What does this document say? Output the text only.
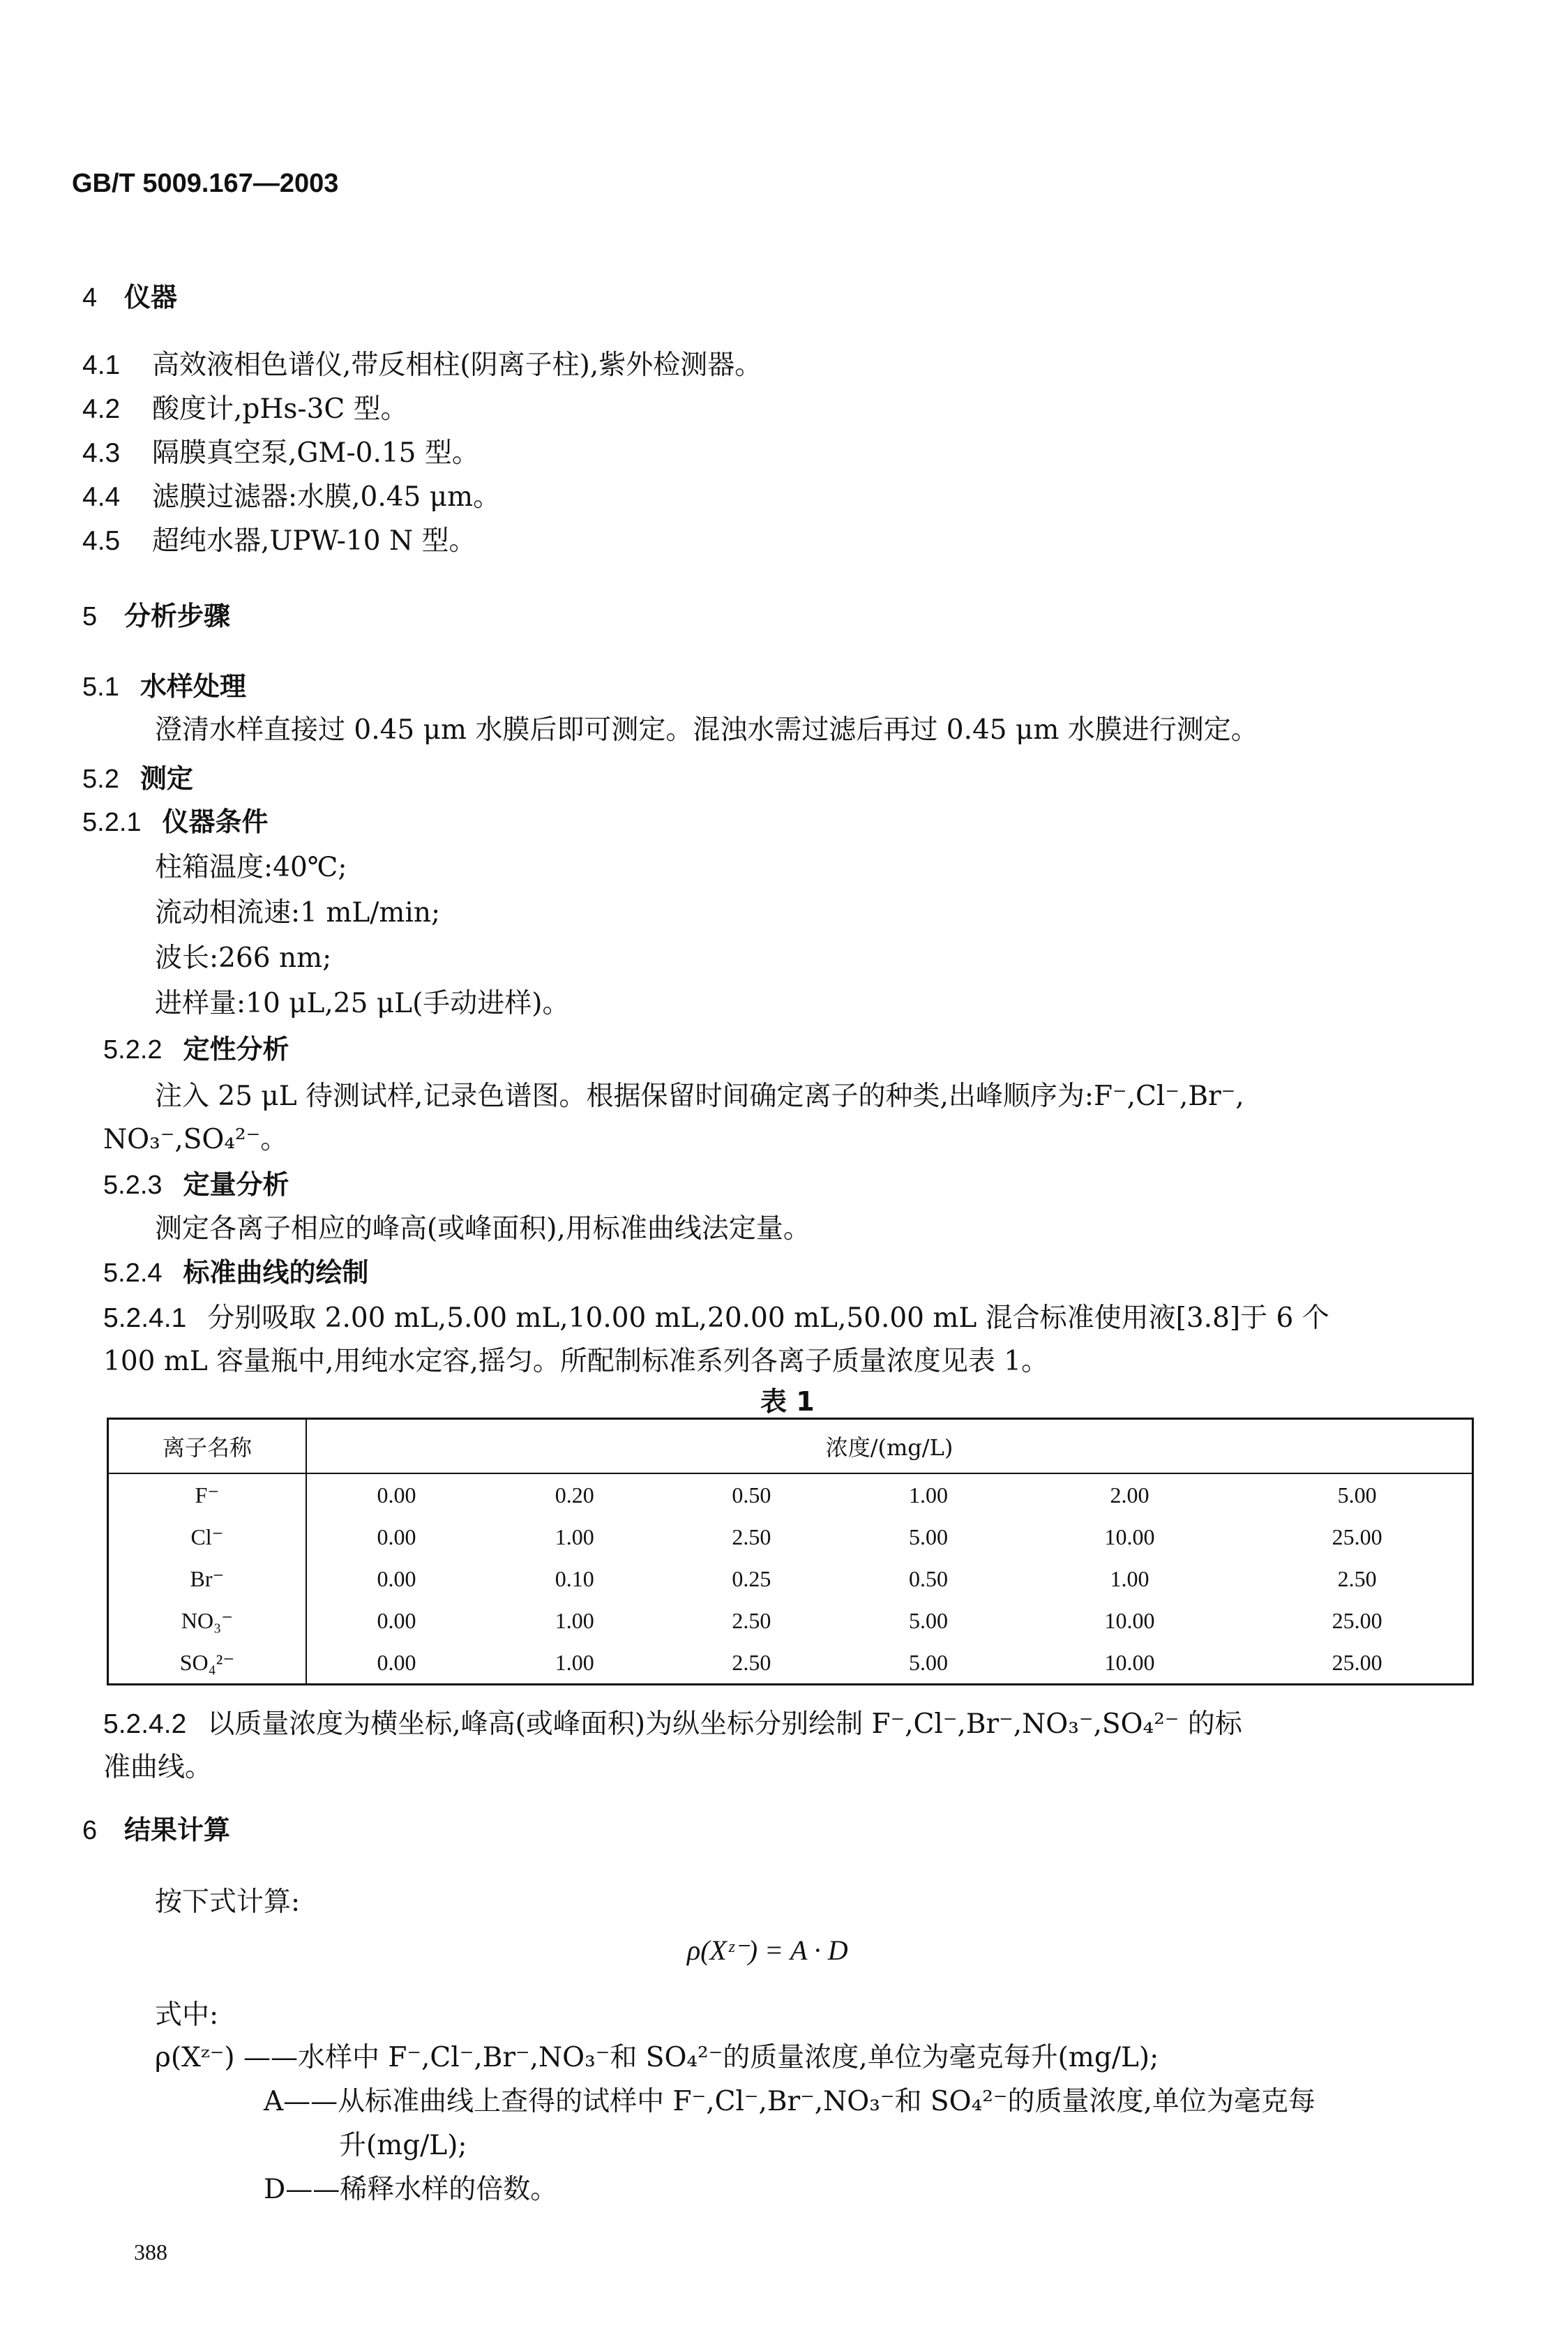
GB/T 5009.167—2003
4 仪器
4.1 高效液相色谱仪,带反相柱(阴离子柱),紫外检测器。
4.2 酸度计,pHs-3C 型。
4.3 隔膜真空泵,GM-0.15 型。
4.4 滤膜过滤器:水膜,0.45 μm。
4.5 超纯水器,UPW-10 N 型。
5 分析步骤
5.1 水样处理
澄清水样直接过 0.45 μm 水膜后即可测定。混浊水需过滤后再过 0.45 μm 水膜进行测定。
5.2 测定
5.2.1 仪器条件
柱箱温度:40℃;
流动相流速:1 mL/min;
波长:266 nm;
进样量:10 μL,25 μL(手动进样)。
5.2.2 定性分析
注入 25 μL 待测试样,记录色谱图。根据保留时间确定离子的种类,出峰顺序为:F⁻,Cl⁻,Br⁻,
NO₃⁻,SO₄²⁻。
5.2.3 定量分析
测定各离子相应的峰高(或峰面积),用标准曲线法定量。
5.2.4 标准曲线的绘制
5.2.4.1 分别吸取 2.00 mL,5.00 mL,10.00 mL,20.00 mL,50.00 mL 混合标准使用液[3.8]于 6 个
100 mL 容量瓶中,用纯水定容,摇匀。所配制标准系列各离子质量浓度见表 1。
表 1
离子名称	浓度/(mg/L)					
F⁻	0.00	0.20	0.50	1.00	2.00	5.00
Cl⁻	0.00	1.00	2.50	5.00	10.00	25.00
Br⁻	0.00	0.10	0.25	0.50	1.00	2.50
NO₃⁻	0.00	1.00	2.50	5.00	10.00	25.00
SO₄²⁻	0.00	1.00	2.50	5.00	10.00	25.00
5.2.4.2 以质量浓度为横坐标,峰高(或峰面积)为纵坐标分别绘制 F⁻,Cl⁻,Br⁻,NO₃⁻,SO₄²⁻ 的标
准曲线。
6 结果计算
按下式计算:
ρ(Xᶻ⁻) = A · D
式中:
ρ(Xᶻ⁻) ——水样中 F⁻,Cl⁻,Br⁻,NO₃⁻和 SO₄²⁻的质量浓度,单位为毫克每升(mg/L);
A——从标准曲线上查得的试样中 F⁻,Cl⁻,Br⁻,NO₃⁻和 SO₄²⁻的质量浓度,单位为毫克每
升(mg/L);
D——稀释水样的倍数。
388
